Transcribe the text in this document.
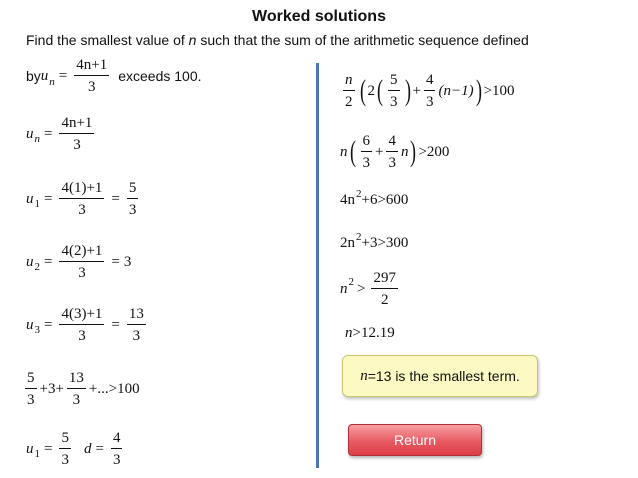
Worked solutions
Find the smallest value of n such that the sum of the arithmetic sequence defined
by $u_n = \frac{4n+1}{3}$ exceeds 100.
u $n = \frac{4n+1}{3}$
u $1 = \frac{4(1)+1}{3} = \frac{5}{3}$
u $2 = \frac{4(2)+1}{3} = 3$
u $3 = \frac{4(3)+1}{3} = \frac{13}{3}$
$\frac{5}{3} +3+ \frac{13}{3} +...>100$
u $1 = \frac{5}{3}$ $d = \frac{4}{3}$
$\frac{n}{2}$ ( 2 ( $\frac{5}{3}$ ) + $\frac{4}{3} (n-1)$ ) >100
n ( $\frac{6}{3} + \frac{4}{3}$ n ) >200
$4n^2+6>600$
$2n^2+3>300$
n $2 > \frac{297}{2}$
n>12.19
n =13 is the smallest term.
Return
